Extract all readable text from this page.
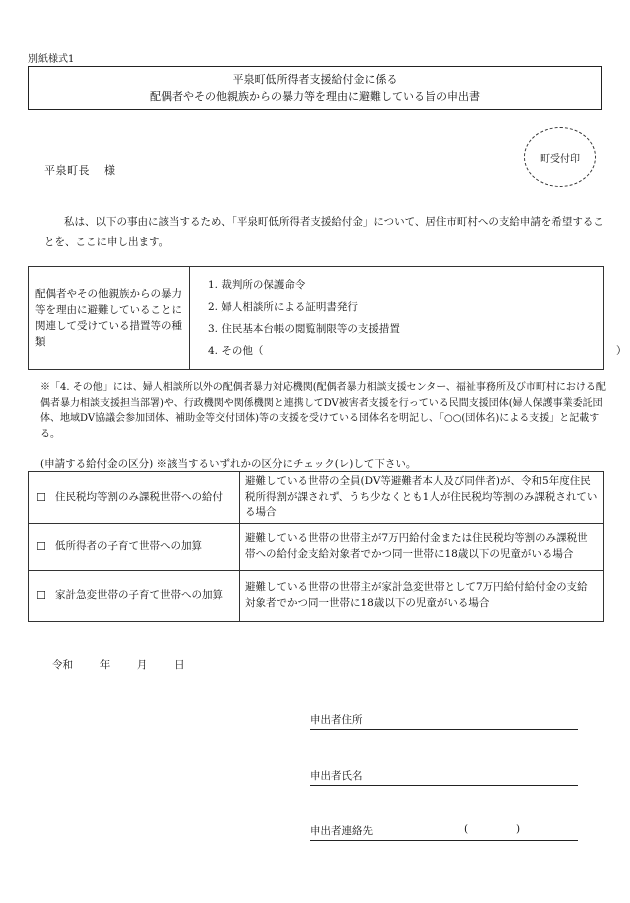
別紙様式1
平泉町低所得者支援給付金に係る
配偶者やその他親族からの暴力等を理由に避難している旨の申出書
町受付印
平泉町長 様
私は、以下の事由に該当するため、「平泉町低所得者支援給付金」について、居住市町村への支給申請を希望することを、ここに申し出ます。
配偶者やその他親族からの暴力等を理由に避難していることに関連して受けている措置等の種類	
1. 裁判所の保護命令
2. 婦人相談所による証明書発行
3. 住民基本台帳の閲覧制限等の支援措置
4. その他（	）
※「4. その他」には、婦人相談所以外の配偶者暴力対応機関(配偶者暴力相談支援センター、福祉事務所及び市町村における配偶者暴力相談支援担当部署)や、行政機関や関係機関と連携してDV被害者支援を行っている民間支援団体(婦人保護事業委託団体、地域DV協議会参加団体、補助金等交付団体)等の支援を受けている団体名を明記し、「○○(団体名)による支援」と記載する。
(申請する給付金の区分) ※該当するいずれかの区分にチェック(レ)して下さい。
☐	住民税均等割のみ課税世帯への給付	避難している世帯の全員(DV等避難者本人及び同伴者)が、令和5年度住民税所得割が課されず、うち少なくとも1人が住民税均等割のみ課税されている場合
☐	低所得者の子育て世帯への加算	避難している世帯の世帯主が7万円給付金または住民税均等割のみ課税世帯への給付金支給対象者でかつ同一世帯に18歳以下の児童がいる場合
☐	家計急変世帯の子育て世帯への加算	避難している世帯の世帯主が家計急変世帯として7万円給付給付金の支給対象者でかつ同一世帯に18歳以下の児童がいる場合
令和	年	月	日
申出者住所
申出者氏名
申出者連絡先	(	)
